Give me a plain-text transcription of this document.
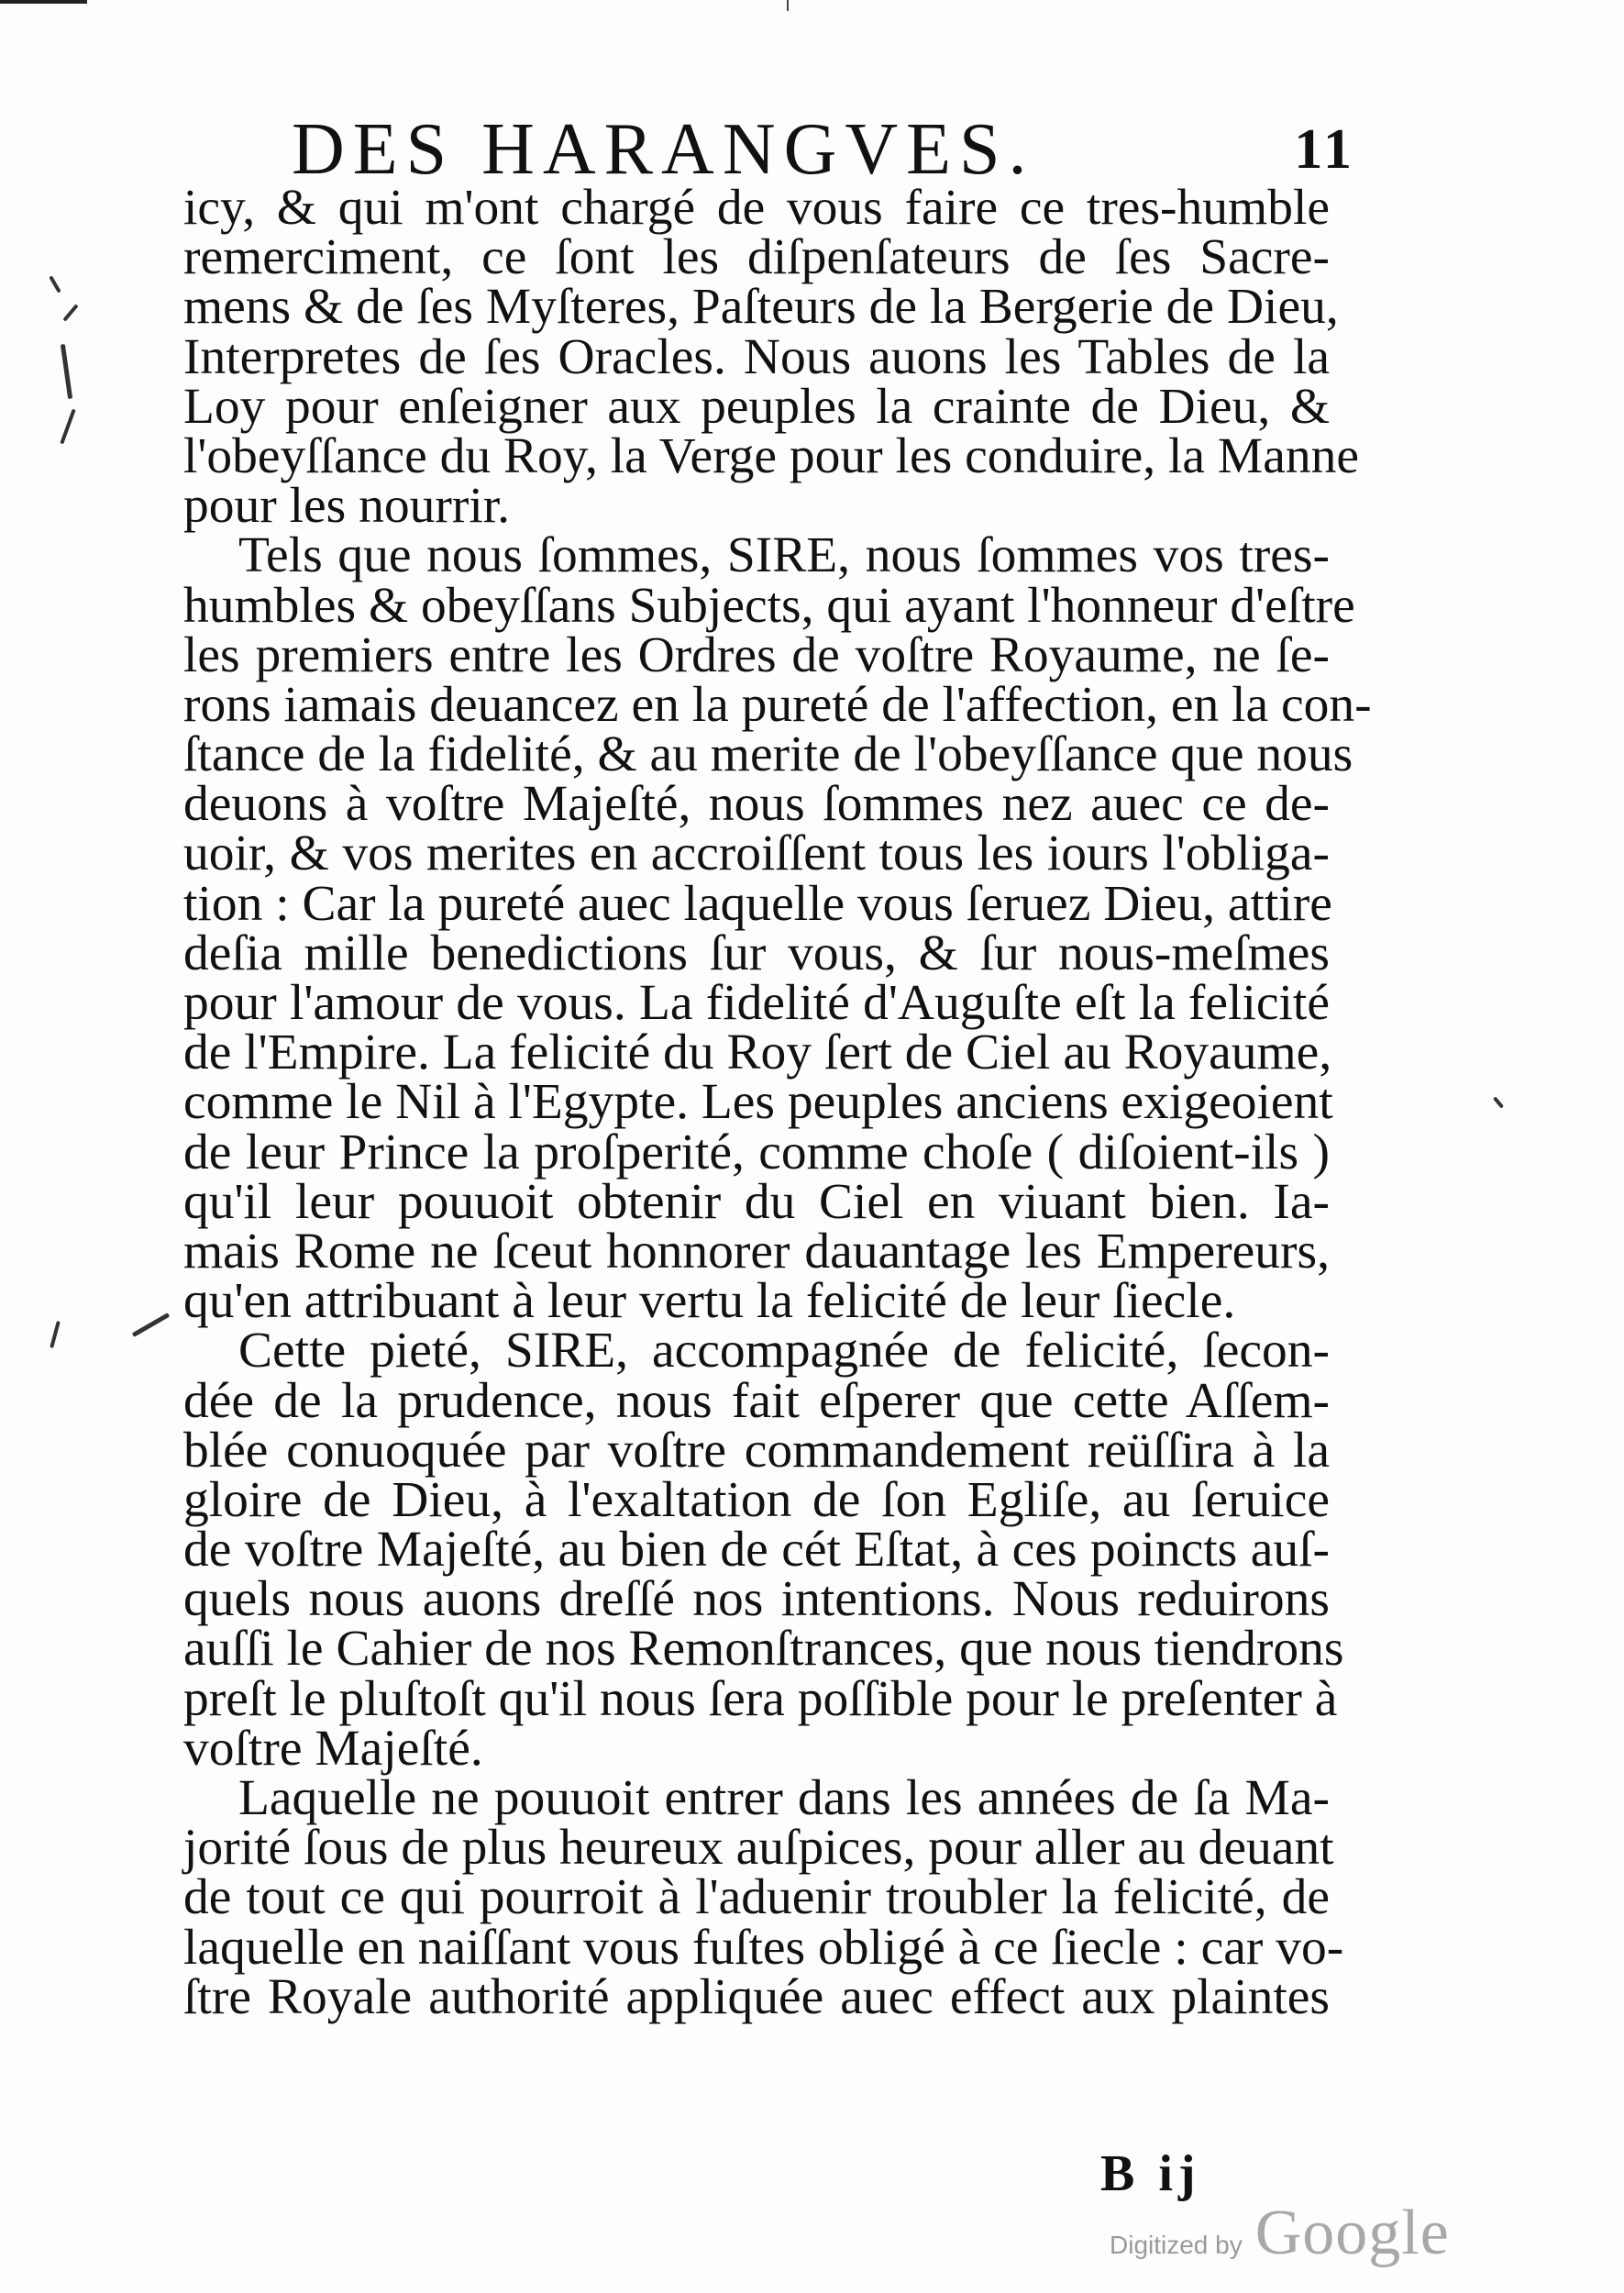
DES HARANGVES.	11
icy, & qui m'ont chargé de vous faire ce tres-humble
remerciment, ce ſont les diſpenſateurs de ſes Sacre-
mens & de ſes Myſteres, Paſteurs de la Bergerie de Dieu,
Interpretes de ſes Oracles. Nous auons les Tables de la
Loy pour enſeigner aux peuples la crainte de Dieu, &
l'obeyſſance du Roy, la Verge pour les conduire, la Manne
pour les nourrir.
Tels que nous ſommes, SIRE, nous ſommes vos tres-
humbles & obeyſſans Subjects, qui ayant l'honneur d'eſtre
les premiers entre les Ordres de voſtre Royaume, ne ſe-
rons iamais deuancez en la pureté de l'affection, en la con-
ſtance de la fidelité, & au merite de l'obeyſſance que nous
deuons à voſtre Majeſté, nous ſommes nez auec ce de-
uoir, & vos merites en accroiſſent tous les iours l'obliga-
tion : Car la pureté auec laquelle vous ſeruez Dieu, attire
deſia mille benedictions ſur vous, & ſur nous-meſmes
pour l'amour de vous. La fidelité d'Auguſte eſt la felicité
de l'Empire. La felicité du Roy ſert de Ciel au Royaume,
comme le Nil à l'Egypte. Les peuples anciens exigeoient
de leur Prince la proſperité, comme choſe ( diſoient-ils )
qu'il leur pouuoit obtenir du Ciel en viuant bien. Ia-
mais Rome ne ſceut honnorer dauantage les Empereurs,
qu'en attribuant à leur vertu la felicité de leur ſiecle.
Cette pieté, SIRE, accompagnée de felicité, ſecon-
dée de la prudence, nous fait eſperer que cette Aſſem-
blée conuoquée par voſtre commandement reüſſira à la
gloire de Dieu, à l'exaltation de ſon Egliſe, au ſeruice
de voſtre Majeſté, au bien de cét Eſtat, à ces poincts auſ-
quels nous auons dreſſé nos intentions. Nous reduirons
auſſi le Cahier de nos Remonſtrances, que nous tiendrons
preſt le pluſtoſt qu'il nous ſera poſſible pour le preſenter à
voſtre Majeſté.
Laquelle ne pouuoit entrer dans les années de ſa Ma-
jorité ſous de plus heureux auſpices, pour aller au deuant
de tout ce qui pourroit à l'aduenir troubler la felicité, de
laquelle en naiſſant vous fuſtes obligé à ce ſiecle : car vo-
ſtre Royale authorité appliquée auec effect aux plaintes
B ij
Digitized by Google
